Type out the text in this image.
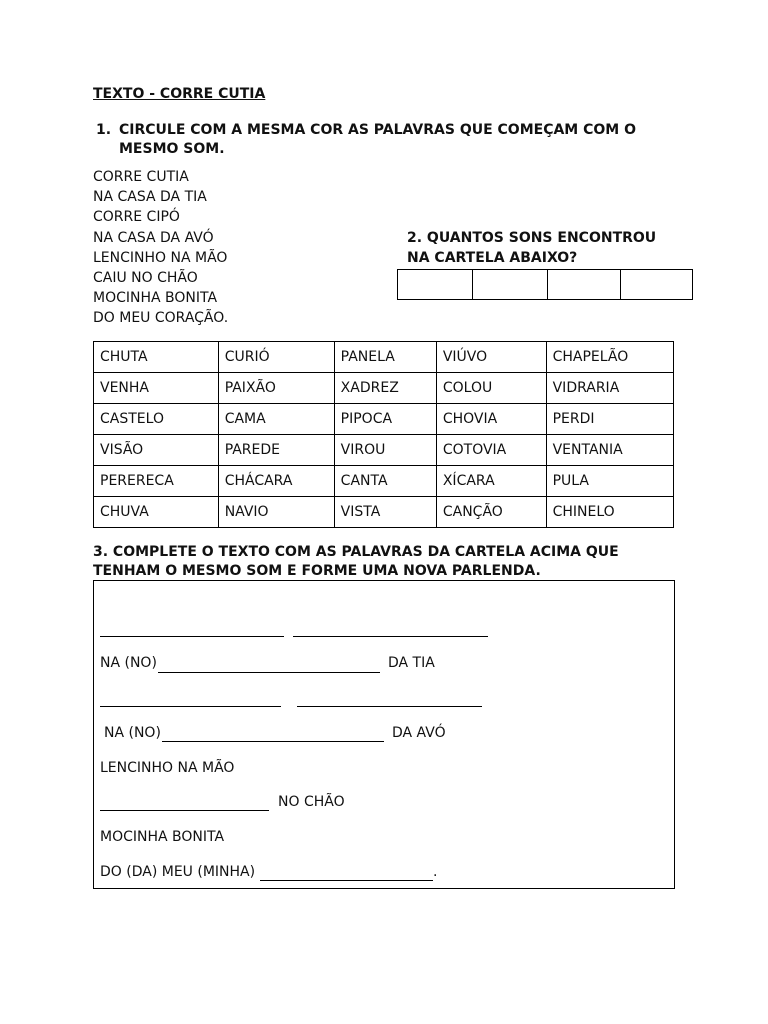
TEXTO - CORRE CUTIA
1. CIRCULE COM A MESMA COR AS PALAVRAS QUE COMEÇAM COM O MESMO SOM.
CORRE CUTIA
NA CASA DA TIA
CORRE CIPÓ
NA CASA DA AVÓ
LENCINHO NA MÃO
CAIU NO CHÃO
MOCINHA BONITA
DO MEU CORAÇÃO.
2. QUANTOS SONS ENCONTROU
NA CARTELA ABAIXO?

CHUTA	CURIÓ	PANELA	VIÚVO	CHAPELÃO
VENHA	PAIXÃO	XADREZ	COLOU	VIDRARIA
CASTELO	CAMA	PIPOCA	CHOVIA	PERDI
VISÃO	PAREDE	VIROU	COTOVIA	VENTANIA
PERERECA	CHÁCARA	CANTA	XÍCARA	PULA
CHUVA	NAVIO	VISTA	CANÇÃO	CHINELO
3. COMPLETE O TEXTO COM AS PALAVRAS DA CARTELA ACIMA QUE TENHAM O MESMO SOM E FORME UMA NOVA PARLENDA.
NA (NO)	DA TIA
NA (NO)	DA AVÓ
LENCINHO NA MÃO
NO CHÃO
MOCINHA BONITA
DO (DA) MEU (MINHA)	.
